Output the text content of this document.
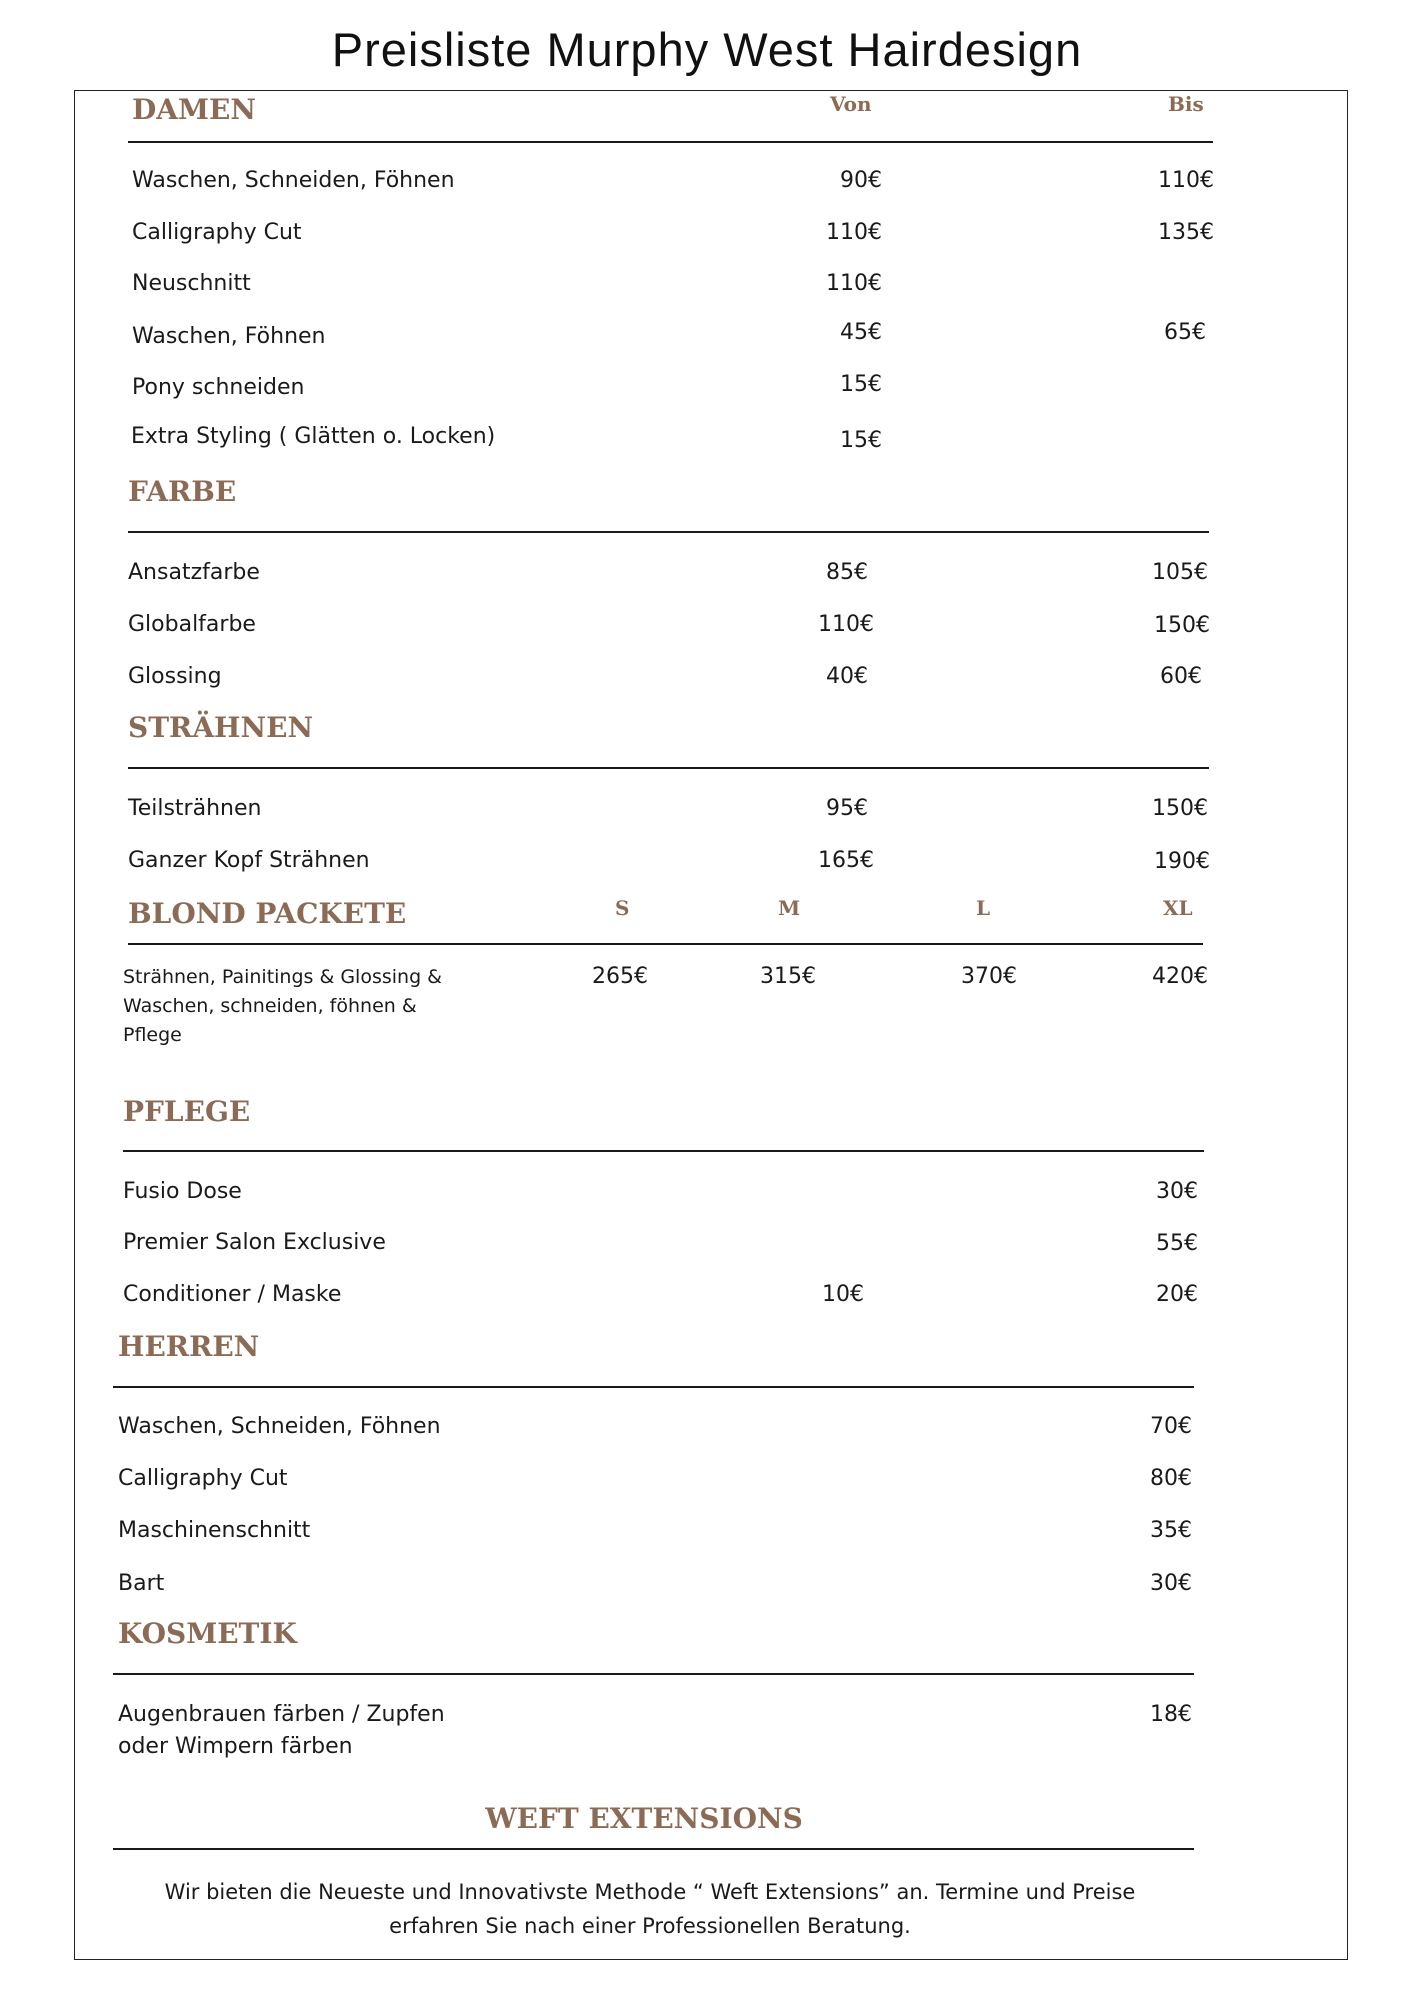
Preisliste Murphy West Hairdesign
DAMEN	Von	Bis
Waschen, Schneiden, Föhnen	90€	110€
Calligraphy Cut	110€	135€
Neuschnitt	110€
Waschen, Föhnen	45€	65€
Pony schneiden	15€
Extra Styling ( Glätten o. Locken)	15€
FARBE
Ansatzfarbe	85€	105€
Globalfarbe	110€	150€
Glossing	40€	60€
STRÄHNEN
Teilsträhnen	95€	150€
Ganzer Kopf Strähnen	165€	190€
BLOND PACKETE	S	M	L	XL
Strähnen, Painitings & Glossing & Waschen, schneiden, föhnen & Pflege
265€	315€	370€	420€
PFLEGE
Fusio Dose	30€
Premier Salon Exclusive	55€
Conditioner / Maske	10€	20€
HERREN
Waschen, Schneiden, Föhnen	70€
Calligraphy Cut	80€
Maschinenschnitt	35€
Bart	30€
KOSMETIK
Augenbrauen färben / Zupfen oder Wimpern färben
18€
WEFT EXTENSIONS
Wir bieten die Neueste und Innovativste Methode “ Weft Extensions” an. Termine und Preise erfahren Sie nach einer Professionellen Beratung.
